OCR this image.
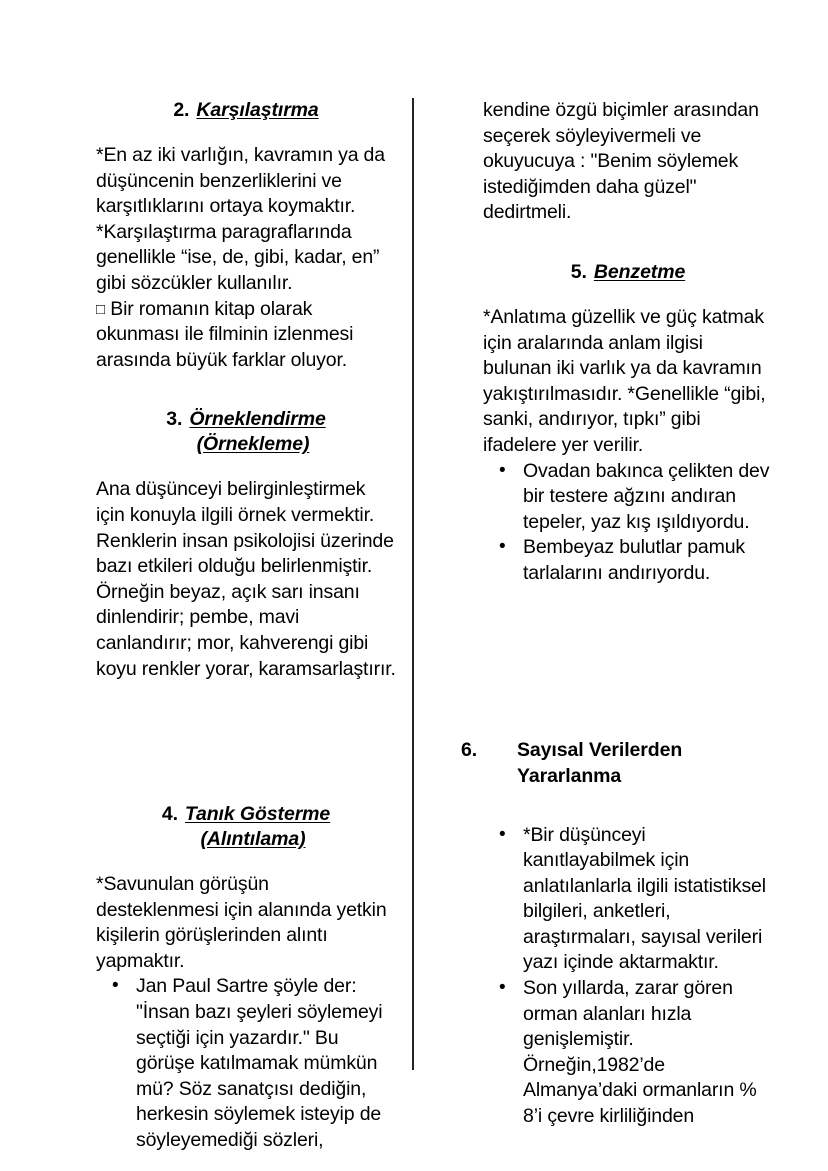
2. Karşılaştırma

*En az iki varlığın, kavramın ya da düşüncenin benzerliklerini ve karşıtlıklarını ortaya koymaktır. *Karşılaştırma paragraflarında genellikle “ise, de, gibi, kadar, en” gibi sözcükler kullanılır.

□ Bir romanın kitap olarak okunması ile filminin izlenmesi arasında büyük farklar oluyor.

3. Örneklendirme
(Örnekleme)

Ana düşünceyi belirginleştirmek için konuyla ilgili örnek vermektir. Renklerin insan psikolojisi üzerinde bazı etkileri olduğu belirlenmiştir. Örneğin beyaz, açık sarı insanı dinlendirir; pembe, mavi canlandırır; mor, kahverengi gibi koyu renkler yorar, karamsarlaştırır.

4. Tanık Gösterme
(Alıntılama)

*Savunulan görüşün desteklenmesi için alanında yetkin kişilerin görüşlerinden alıntı yapmaktır.

• Jan Paul Sartre şöyle der: "İnsan bazı şeyleri söylemeyi seçtiği için yazardır." Bu görüşe katılmamak mümkün mü? Söz sanatçısı dediğin, herkesin söylemek isteyip de söyleyemediği sözleri,

kendine özgü biçimler arasından seçerek söyleyivermeli ve okuyucuya : "Benim söylemek istediğimden daha güzel" dedirtmeli.

5. Benzetme

*Anlatıma güzellik ve güç katmak için aralarında anlam ilgisi bulunan iki varlık ya da kavramın yakıştırılmasıdır. *Genellikle “gibi, sanki, andırıyor, tıpkı” gibi ifadelere yer verilir.

• Ovadan bakınca çelikten dev bir testere ağzını andıran tepeler, yaz kış ışıldıyordu.
• Bembeyaz bulutlar pamuk tarlalarını andırıyordu.
6. Sayısal Verilerden
Yararlanma
• *Bir düşünceyi kanıtlayabilmek için anlatılanlarla ilgili istatistiksel bilgileri, anketleri, araştırmaları, sayısal verileri yazı içinde aktarmaktır.
• Son yıllarda, zarar gören orman alanları hızla genişlemiştir. Örneğin,1982’de Almanya’daki ormanların % 8’i çevre kirliliğinden
